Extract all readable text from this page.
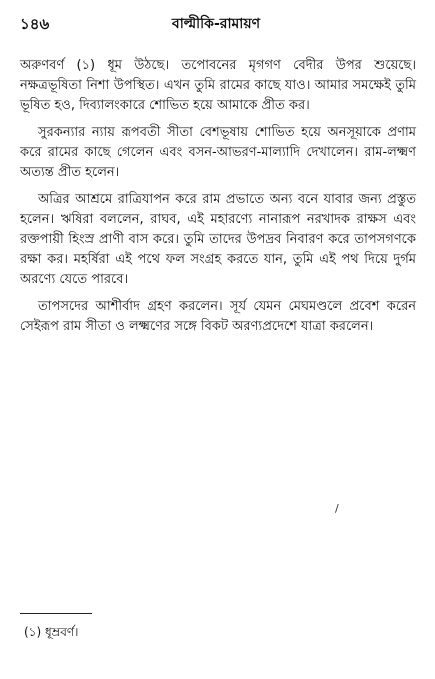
১৪৬	বাল্মীকি-রামায়ণ

অরুণবর্ণ (১) ধূম উঠছে। তপোবনের মৃগগণ বেদীর উপর শুয়েছে। নক্ষত্রভূষিতা নিশা উপস্থিত। এখন তুমি রামের কাছে যাও। আমার সমক্ষেই তুমি ভূষিত হও, দিব্যালংকারে শোভিত হয়ে আমাকে প্রীত কর।

সুরকন্যার ন্যায় রূপবতী সীতা বেশভূষায় শোভিত হয়ে অনসূয়াকে প্রণাম করে রামের কাছে গেলেন এবং বসন-আভরণ-মাল্যাদি দেখালেন। রাম-লক্ষ্মণ অত্যন্ত প্রীত হলেন।

অত্রির আশ্রমে রাত্রিযাপন করে রাম প্রভাতে অন্য বনে যাবার জন্য প্রস্তুত হলেন। ঋষিরা বললেন, রাঘব, এই মহারণ্যে নানারূপ নরখাদক রাক্ষস এবং রক্তপায়ী হিংস্র প্রাণী বাস করে। তুমি তাদের উপদ্রব নিবারণ করে তাপসগণকে রক্ষা কর। মহর্ষিরা এই পথে ফল সংগ্রহ করতে যান, তুমি এই পথ দিয়ে দুর্গম অরণ্যে যেতে পারবে।

তাপসদের আশীর্বাদ গ্রহণ করলেন। সূর্য যেমন মেঘমণ্ডলে প্রবেশ করেন সেইরূপ রাম সীতা ও লক্ষ্মণের সঙ্গে বিকট অরণ্যপ্রদেশে যাত্রা করলেন।

/
(১) ধূম্রবর্ণ।
